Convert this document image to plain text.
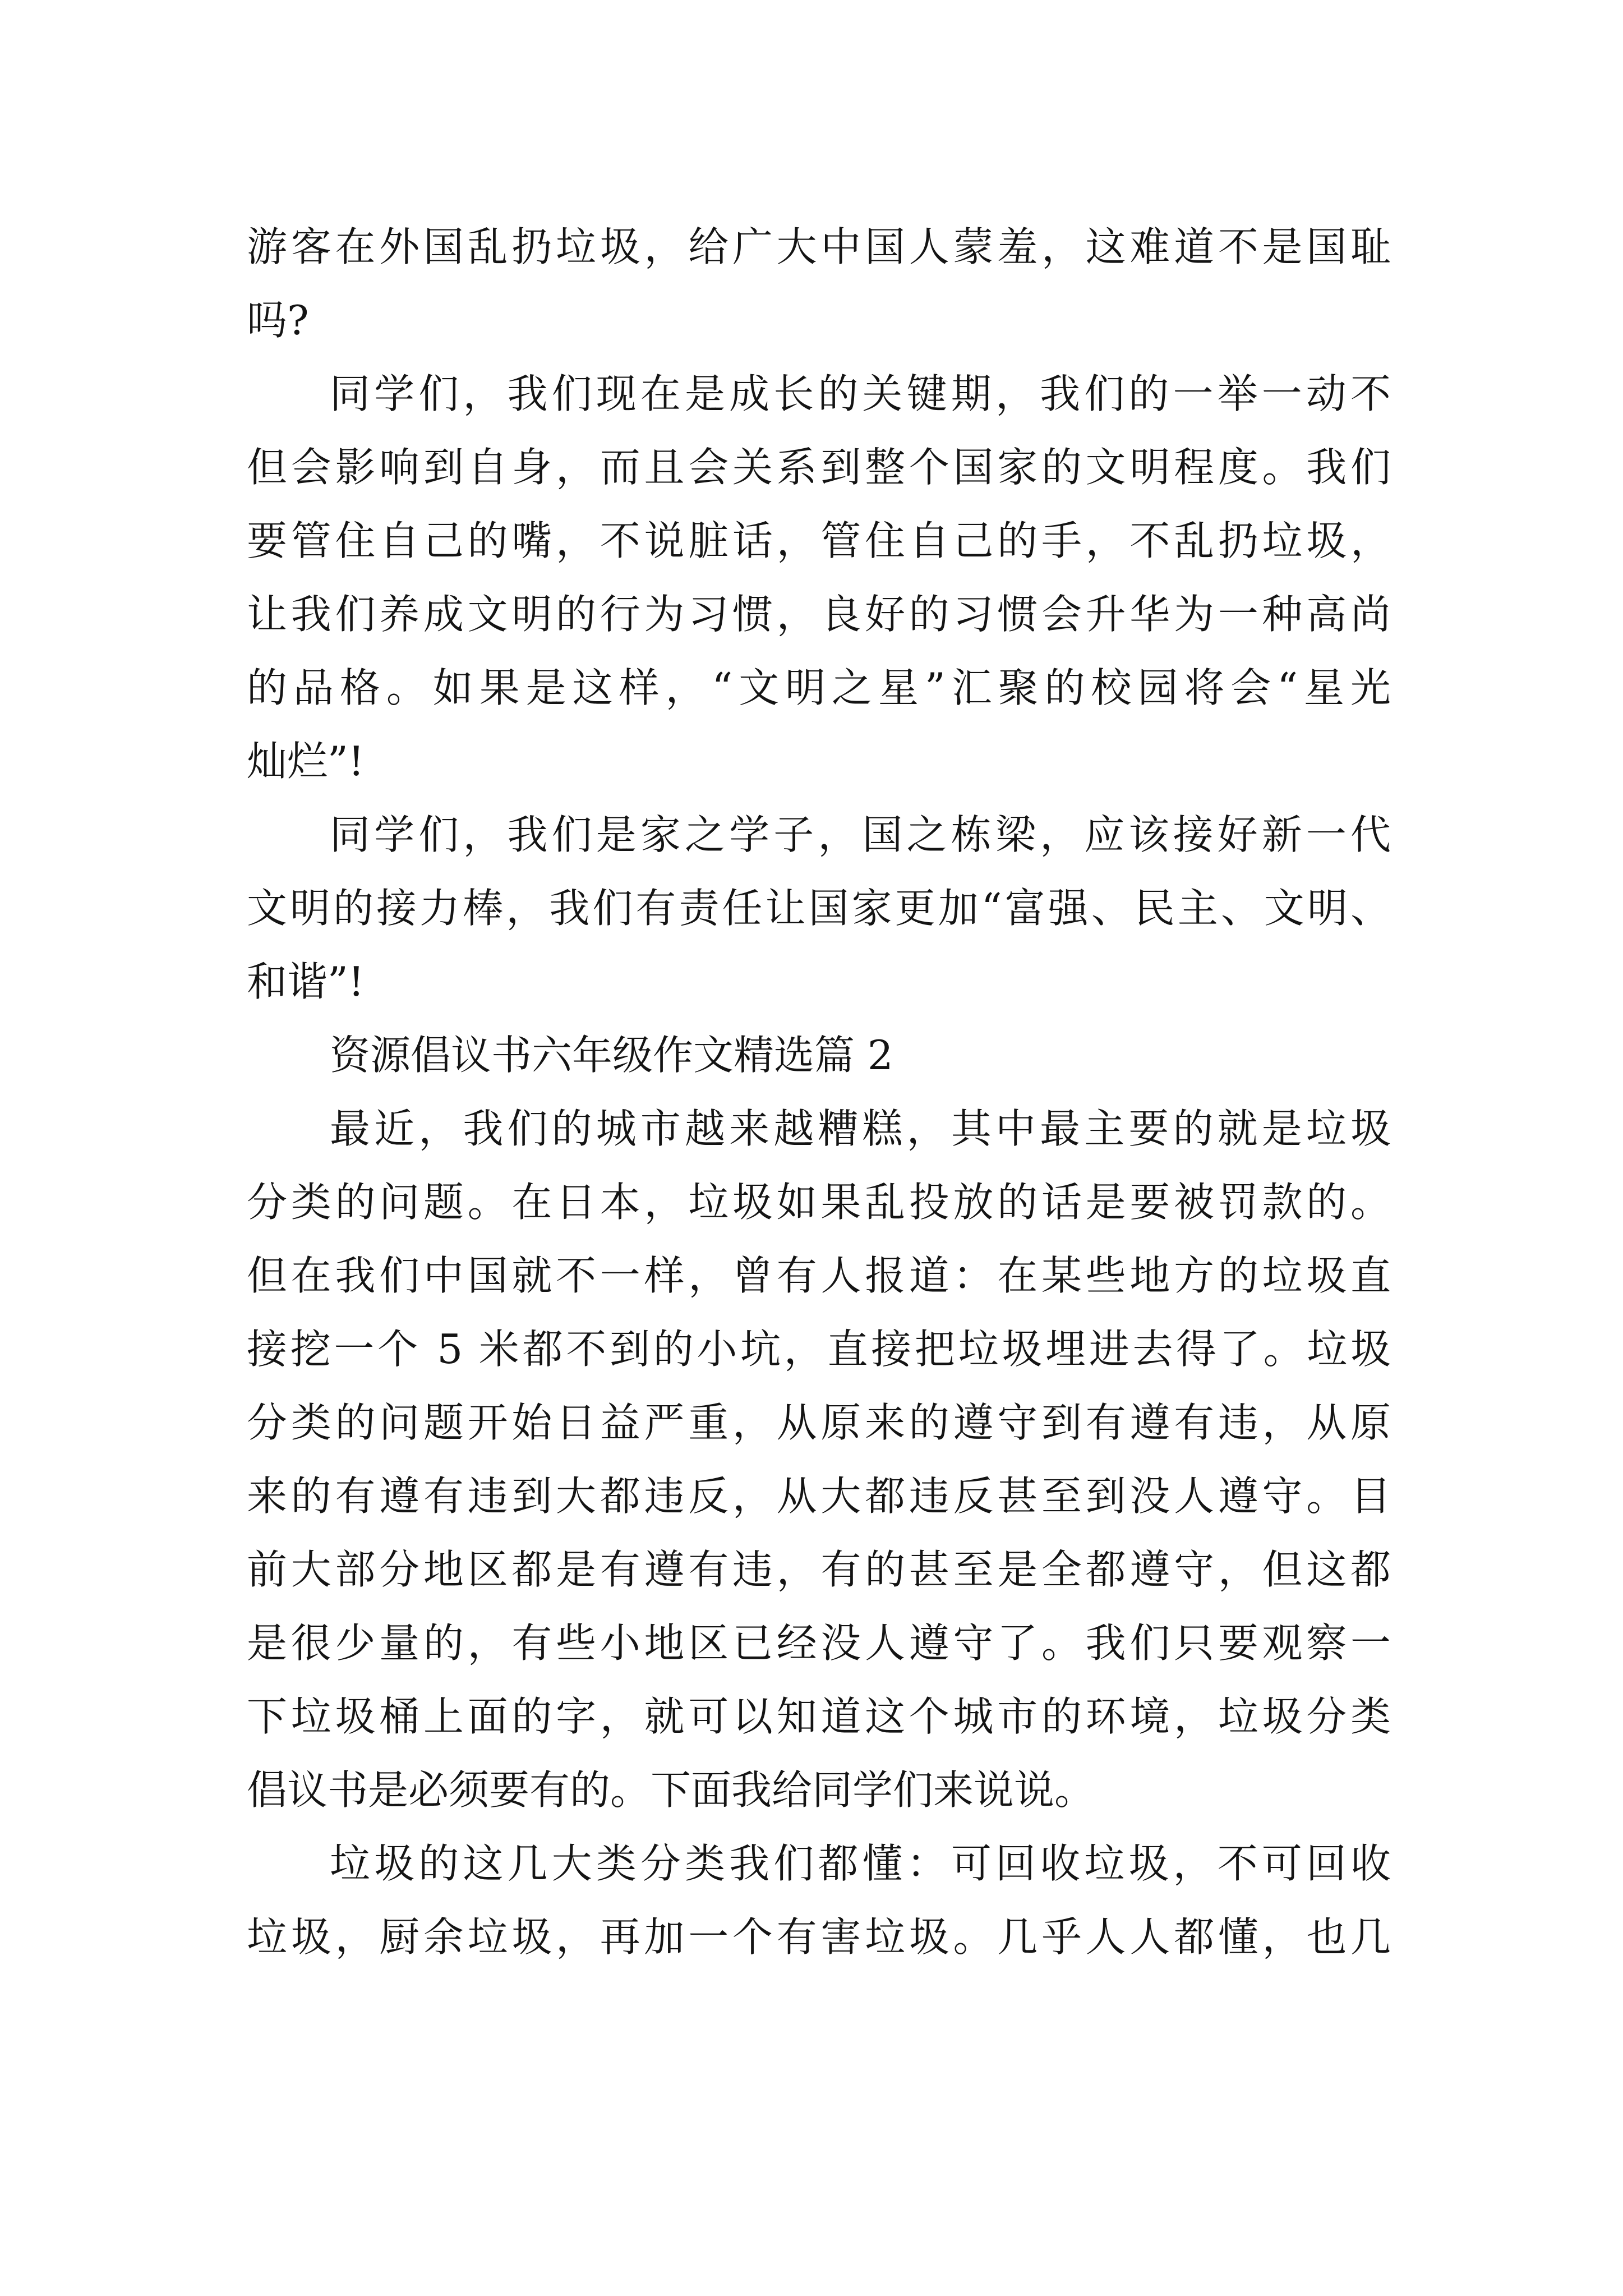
游客在外国乱扔垃圾，给广大中国人蒙羞，这难道不是国耻
吗?
同学们，我们现在是成长的关键期，我们的一举一动不
但会影响到自身，而且会关系到整个国家的文明程度。我们
要管住自己的嘴，不说脏话，管住自己的手，不乱扔垃圾，
让我们养成文明的行为习惯，良好的习惯会升华为一种高尚
的品格。如果是这样，“文明之星”汇聚的校园将会“星光
灿烂”!
同学们，我们是家之学子，国之栋梁，应该接好新一代
文明的接力棒，我们有责任让国家更加“富强、民主、文明、
和谐”!
资源倡议书六年级作文精选篇 2
最近，我们的城市越来越糟糕，其中最主要的就是垃圾
分类的问题。在日本，垃圾如果乱投放的话是要被罚款的。
但在我们中国就不一样，曾有人报道：在某些地方的垃圾直
接挖一个 5 米都不到的小坑，直接把垃圾埋进去得了。垃圾
分类的问题开始日益严重，从原来的遵守到有遵有违，从原
来的有遵有违到大都违反，从大都违反甚至到没人遵守。目
前大部分地区都是有遵有违，有的甚至是全都遵守，但这都
是很少量的，有些小地区已经没人遵守了。我们只要观察一
下垃圾桶上面的字，就可以知道这个城市的环境，垃圾分类
倡议书是必须要有的。下面我给同学们来说说。
垃圾的这几大类分类我们都懂：可回收垃圾，不可回收
垃圾，厨余垃圾，再加一个有害垃圾。几乎人人都懂，也几
